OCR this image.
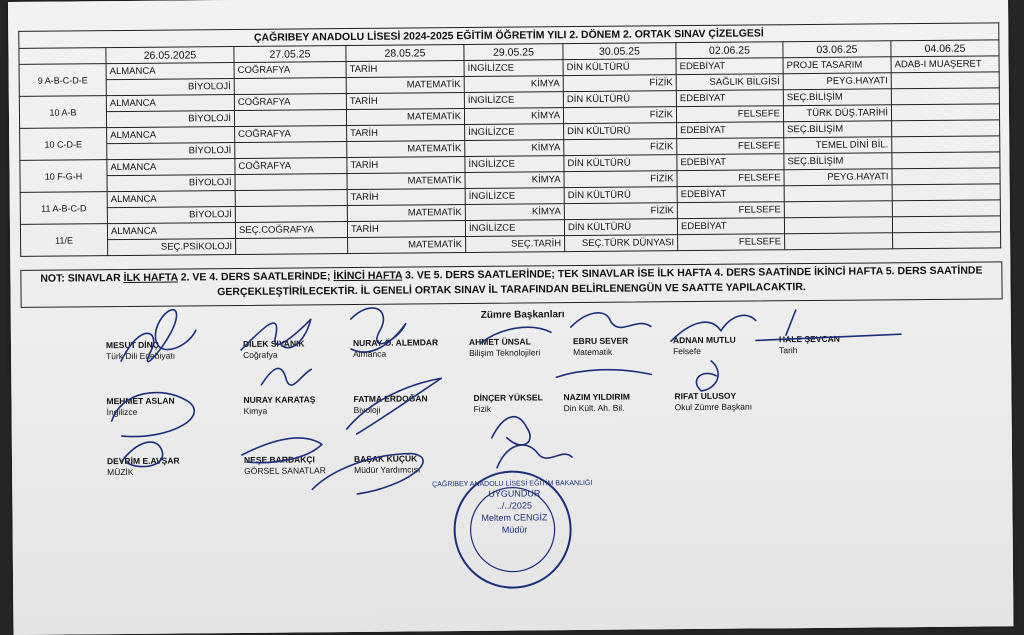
ÇAĞRIBEY ANADOLU LİSESİ 2024-2025 EĞİTİM ÖĞRETİM YILI 2. DÖNEM 2. ORTAK SINAV ÇİZELGESİ								
	26.05.2025	27.05.25	28.05.25	29.05.25	30.05.25	02.06.25	03.06.25	04.06.25
9 A-B-C-D-E	ALMANCA	COĞRAFYA	TARİH	İNGİLİZCE	DİN KÜLTÜRÜ	EDEBİYAT	PROJE TASARIM	ADAB-I MUAŞERET
	BİYOLOJİ		MATEMATİK	KİMYA	FİZİK	SAĞLIK BİLGİSİ	PEYG.HAYATI	
10 A-B	ALMANCA	COĞRAFYA	TARİH	İNGİLİZCE	DİN KÜLTÜRÜ	EDEBİYAT	SEÇ.BİLİŞİM	
	BİYOLOJİ		MATEMATİK	KİMYA	FİZİK	FELSEFE	TÜRK DÜŞ.TARİHİ	
10 C-D-E	ALMANCA	COĞRAFYA	TARİH	İNGİLİZCE	DİN KÜLTÜRÜ	EDEBİYAT	SEÇ.BİLİŞİM	
	BİYOLOJİ		MATEMATİK	KİMYA	FİZİK	FELSEFE	TEMEL DİNİ BİL.	
10 F-G-H	ALMANCA	COĞRAFYA	TARİH	İNGİLİZCE	DİN KÜLTÜRÜ	EDEBİYAT	SEÇ.BİLİŞİM	
	BİYOLOJİ		MATEMATİK	KİMYA	FİZİK	FELSEFE	PEYG.HAYATI	
11 A-B-C-D	ALMANCA		TARİH	İNGİLİZCE	DİN KÜLTÜRÜ	EDEBİYAT		
	BİYOLOJİ		MATEMATİK	KİMYA	FİZİK	FELSEFE		
11/E	ALMANCA	SEÇ.COĞRAFYA	TARİH	İNGİLİZCE	DİN KÜLTÜRÜ	EDEBİYAT		
	SEÇ.PSİKOLOJİ		MATEMATİK	SEÇ.TARİH	SEÇ.TÜRK DÜNYASI	FELSEFE		
NOT: SINAVLAR İLK HAFTA 2. VE 4. DERS SAATLERİNDE; İKİNCİ HAFTA 3. VE 5. DERS SAATLERİNDE; TEK SINAVLAR İSE İLK HAFTA 4. DERS SAATİNDE İKİNCİ HAFTA 5. DERS SAATİNDE GERÇEKLEŞTİRİLECEKTİR. İL GENELİ ORTAK SINAV İL TARAFINDAN BELİRLENENGÜN VE SAATTE YAPILACAKTIR.
Zümre Başkanları
MESUT DİNÇ
Türk Dili Edebiyatı
DİLEK SIYANIK
Coğrafya
NURAY Ö. ALEMDAR
Almanca
AHMET ÜNSAL
Bilişim Teknolojileri
EBRU SEVER
Matematik
ADNAN MUTLU
Felsefe
HALE ŞEVCAN
Tarih
MEHMET ASLAN
İngilizce
NURAY KARATAŞ
Kimya
FATMA ERDOĞAN
Biyoloji
DİNÇER YÜKSEL
Fizik
NAZIM YILDIRIM
Din Kült. Ah. Bil.
RIFAT ULUSOY
Okul Zümre Başkanı
DEVRİM E.AVŞAR
MÜZİK
NEŞE BARDAKÇI
GÖRSEL SANATLAR
BAŞAK KÜÇÜK
Müdür Yardımcısı
ÇAĞRIBEY ANADOLU LİSESİ EĞİTİM BAKANLIĞI
UYGUNDUR
../../2025
Meltem CENGİZ
Müdür
